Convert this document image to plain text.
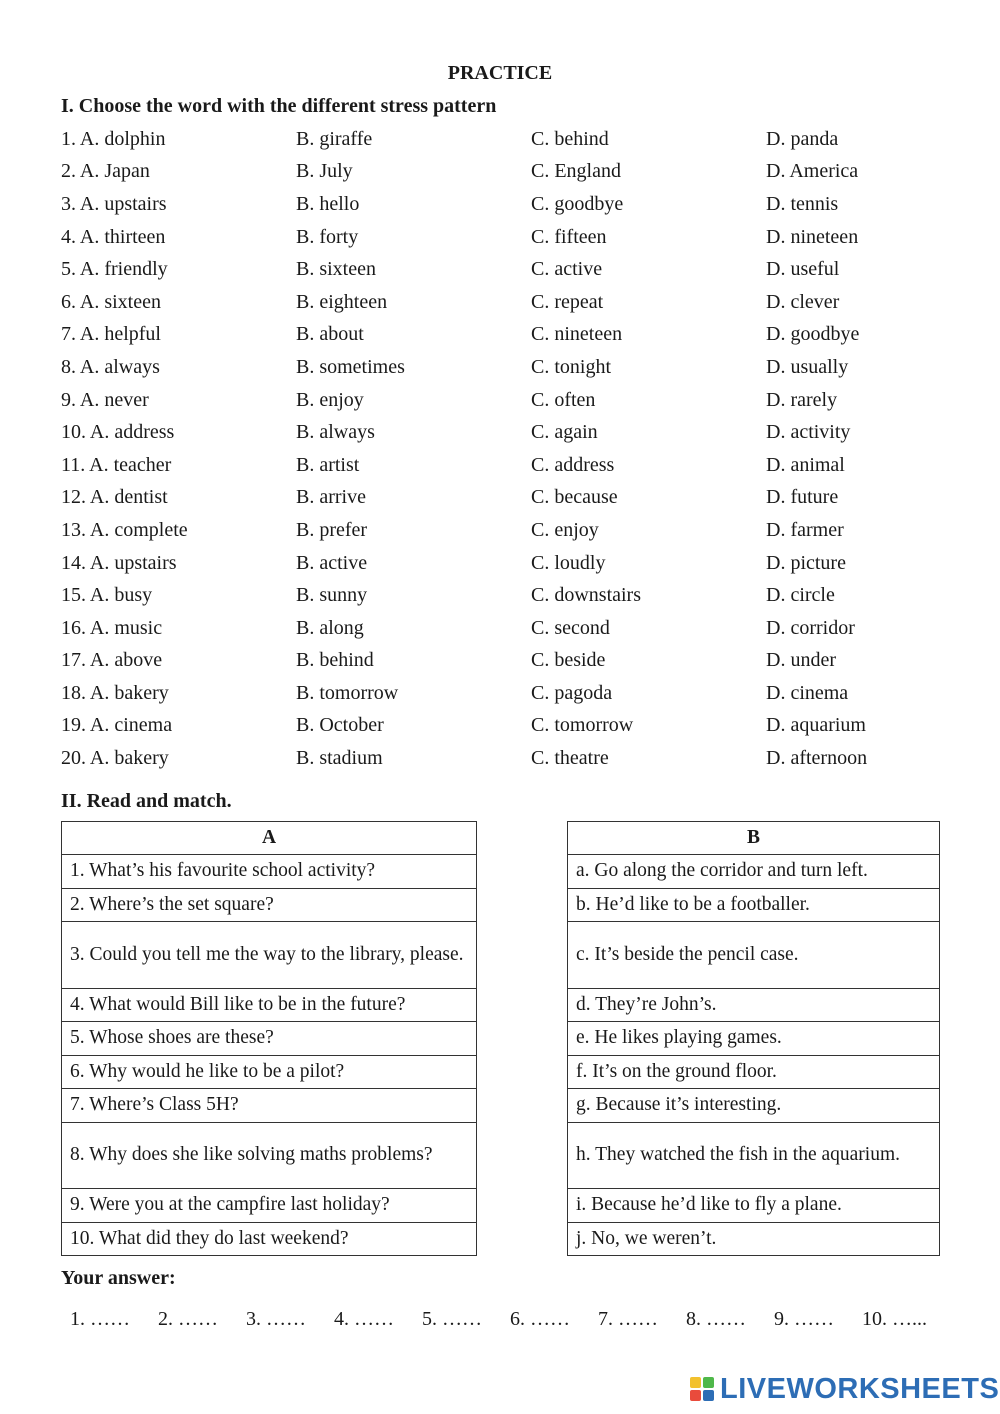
PRACTICE
I. Choose the word with the different stress pattern
1. A. dolphin	B. giraffe	C. behind	D. panda
2. A. Japan	B. July	C. England	D. America
3. A. upstairs	B. hello	C. goodbye	D. tennis
4. A. thirteen	B. forty	C. fifteen	D. nineteen
5. A. friendly	B. sixteen	C. active	D. useful
6. A. sixteen	B. eighteen	C. repeat	D. clever
7. A. helpful	B. about	C. nineteen	D. goodbye
8. A. always	B. sometimes	C. tonight	D. usually
9. A. never	B. enjoy	C. often	D. rarely
10. A. address	B. always	C. again	D. activity
11. A. teacher	B. artist	C. address	D. animal
12. A. dentist	B. arrive	C. because	D. future
13. A. complete	B. prefer	C. enjoy	D. farmer
14. A. upstairs	B. active	C. loudly	D. picture
15. A. busy	B. sunny	C. downstairs	D. circle
16. A. music	B. along	C. second	D. corridor
17. A. above	B. behind	C. beside	D. under
18. A. bakery	B. tomorrow	C. pagoda	D. cinema
19. A. cinema	B. October	C. tomorrow	D. aquarium
20. A. bakery	B. stadium	C. theatre	D. afternoon
II. Read and match.
A
1. What’s his favourite school activity?
2. Where’s the set square?
3. Could you tell me the way to the library, please.
4. What would Bill like to be in the future?
5. Whose shoes are these?
6. Why would he like to be a pilot?
7. Where’s Class 5H?
8. Why does she like solving maths problems?
9. Were you at the campfire last holiday?
10. What did they do last weekend?
B
a. Go along the corridor and turn left.
b. He’d like to be a footballer.
c. It’s beside the pencil case.
d. They’re John’s.
e. He likes playing games.
f. It’s on the ground floor.
g. Because it’s interesting.
h. They watched the fish in the aquarium.
i. Because he’d like to fly a plane.
j. No, we weren’t.
Your answer:
1. ……	2. ……	3. ……	4. ……	5. ……	6. ……	7. ……	8. ……	9. ……	10. …...
LIVEWORKSHEETS
